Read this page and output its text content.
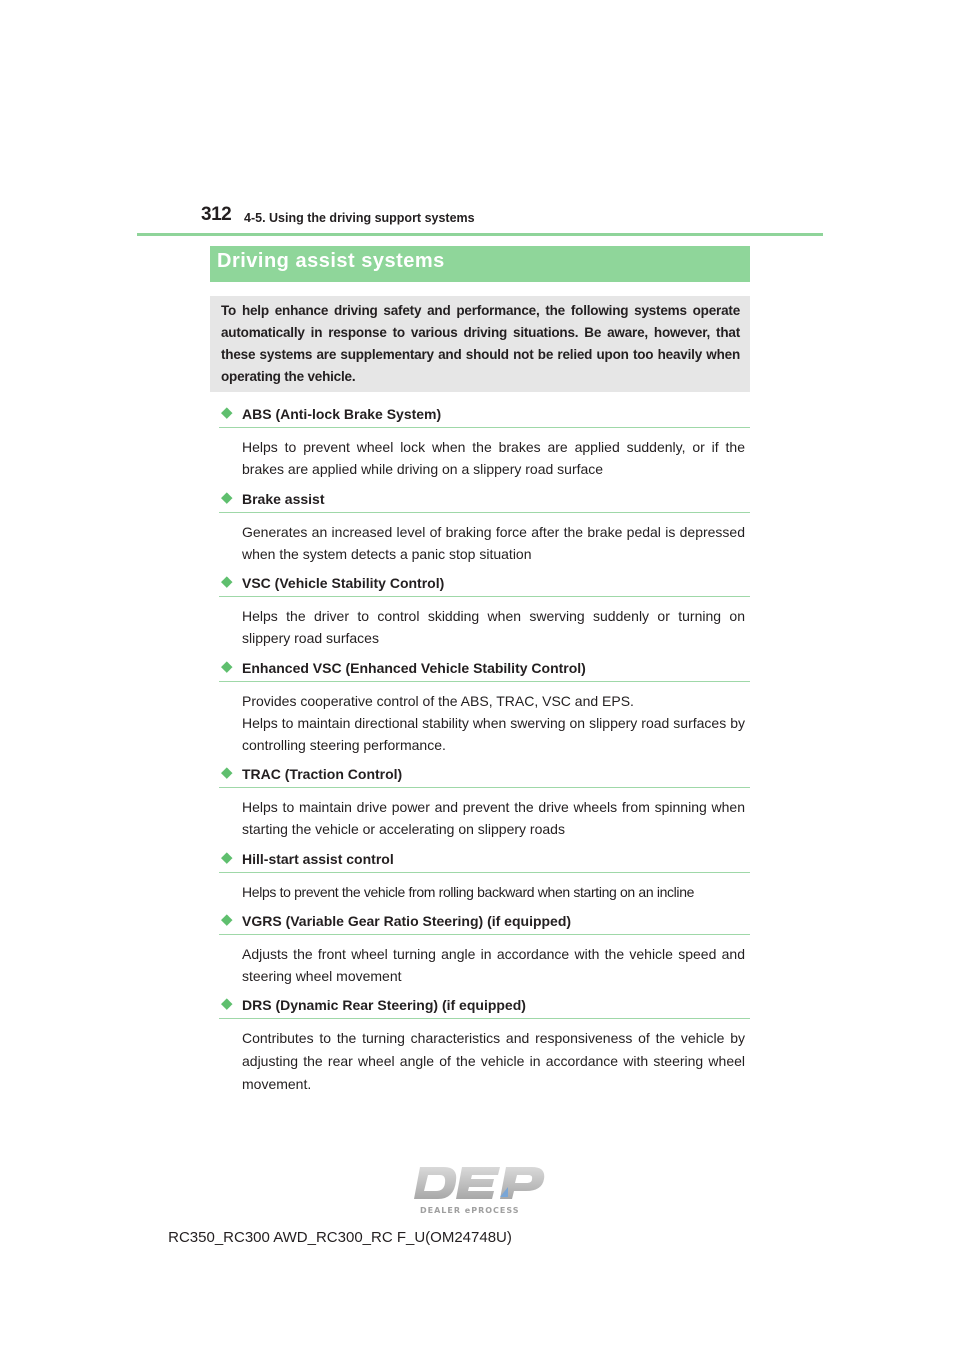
312 4-5. Using the driving support systems
Driving assist systems
To help enhance driving safety and performance, the following systems operate automatically in response to various driving situations. Be aware, however, that these systems are supplementary and should not be relied upon too heavily when operating the vehicle.
◆ ABS (Anti-lock Brake System)

Helps to prevent wheel lock when the brakes are applied suddenly, or if the brakes are applied while driving on a slippery road surface

◆ Brake assist

Generates an increased level of braking force after the brake pedal is depressed when the system detects a panic stop situation

◆ VSC (Vehicle Stability Control)

Helps the driver to control skidding when swerving suddenly or turning on slippery road surfaces

◆ Enhanced VSC (Enhanced Vehicle Stability Control)

Provides cooperative control of the ABS, TRAC, VSC and EPS.

Helps to maintain directional stability when swerving on slippery road surfaces by controlling steering performance.

◆ TRAC (Traction Control)

Helps to maintain drive power and prevent the drive wheels from spinning when starting the vehicle or accelerating on slippery roads

◆ Hill-start assist control

Helps to prevent the vehicle from rolling backward when starting on an incline

◆ VGRS (Variable Gear Ratio Steering) (if equipped)

Adjusts the front wheel turning angle in accordance with the vehicle speed and steering wheel movement

◆ DRS (Dynamic Rear Steering) (if equipped)

Contributes to the turning characteristics and responsiveness of the vehicle by adjusting the rear wheel angle of the vehicle in accordance with steering wheel movement.

DEALER ePROCESS
RC350_RC300 AWD_RC300_RC F_U(OM24748U)
